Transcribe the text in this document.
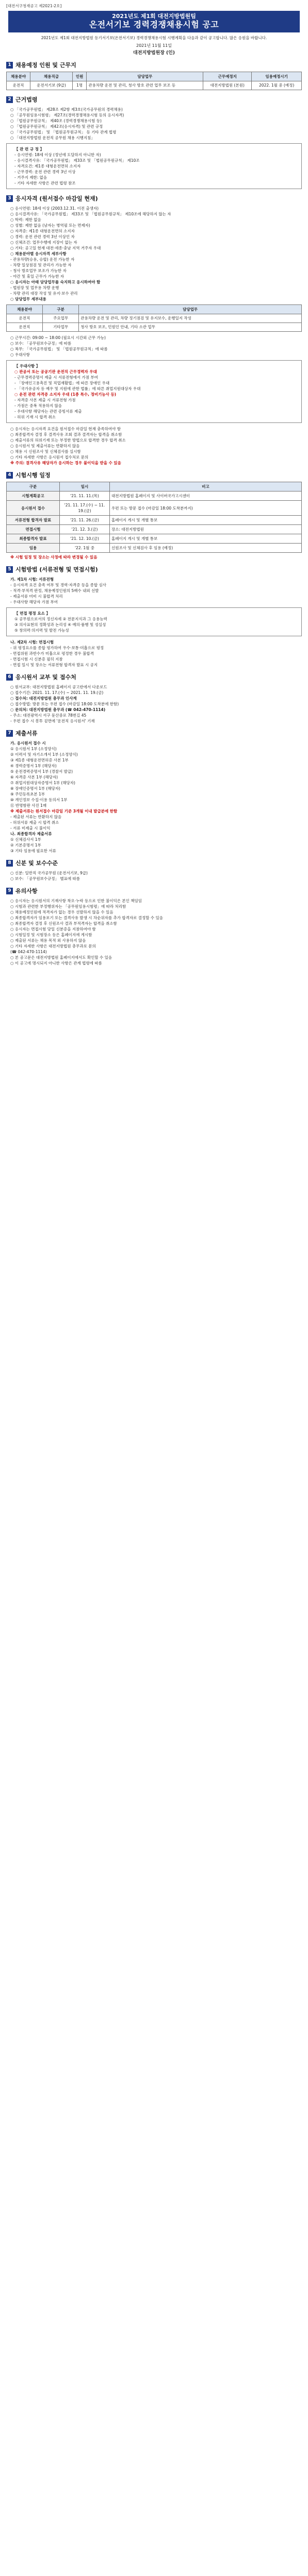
[대전서구청재공고 제2021-2호]
2021년도 제1회 대전지방법원팀
온전서기보 경력경쟁채용시험 공고
2021년도 제1회 대전지방법원 등기서기보(온전서기보) 경력경쟁채용시험 시행계획을 다음과 같이 공고합니다. 많은 응원을 바랍니다.
2021년 11월 11일
대전지방법원장 (인)
1 채용예정 인원 및 근무지
채용분야	채용직급	인원	담당업무	근무예정지	임용예정시기
운전직	운전서기보 (9급)	1명	관용차량 운전 및 관리, 청사 방호 관련 업무 보조 등	대전지방법원 (본원)	2022. 1월 중 (예정)
2 근거법령
○ 「국가공무원법」 제28조 제2항 제3호(국가공무원의 경력채용)
○ 「공무원임용시험령」 제27조(경력경쟁채용시험 등의 응시자격)
○ 「법원공무원규칙」 제40조 (경력경쟁채용시험 등)
○ 「법원공무원규칙」 제42조(응시자격) 및 관련 규정
○ 「국가공무원법」 및 「법원공무원규칙」 등 기타 관계 법령
○ 「대전지방법원 운전직 공무원 채용 시행지침」
【 관 련 규 정 】
- 응시연령: 18세 이상 (정년에 도달하지 아니한 자)
- 응시결격사유: 「국가공무원법」 제33조 및 「법원공무원규칙」 제10조
- 자격요건: 제1종 대형운전면허 소지자
- 근무경력: 운전 관련 경력 3년 이상
- 거주지 제한: 없음
- 기타 자세한 사항은 관련 법령 참조
3 응시자격 (원서접수 마감일 현재)
○ 응시연령: 18세 이상 (2003.12.31. 이전 출생자)
○ 응시결격사유: 「국가공무원법」 제33조 및 「법원공무원규칙」 제10조에 해당하지 않는 자
○ 학력: 제한 없음
○ 성별: 제한 없음 (남자는 병역필 또는 면제자)
○ 자격증: 제1종 대형운전면허 소지자
○ 경력: 운전 관련 경력 3년 이상인 자
○ 신체조건: 업무수행에 지장이 없는 자
○ 기타: 공고일 현재 대전·세종·충남 지역 거주자 우대
○ 채용분야별 응시자격 세부사항
- 관용차량(승용, 승합) 운전 가능한 자
- 차량 일상점검 및 관리가 가능한 자
- 청사 방호업무 보조가 가능한 자
- 야간 및 휴일 근무가 가능한 자
○ 응시자는 아래 담당업무를 숙지하고 응시하여야 함
- 법원장 및 업무용 차량 운행
- 차량 관리 대장 작성 및 유지·보수 관리
○ 담당업무 세부내용
채용분야	구분	담당업무
운전직	주요업무	관용차량 운전 및 관리, 차량 정기점검 및 유지보수, 운행일지 작성
운전직	기타업무	청사 방호 보조, 민원인 안내, 기타 소관 업무
○ 근무시간: 09:00 ~ 18:00 (필요시 시간외 근무 가능)
○ 보수: 「공무원보수규정」에 따름
○ 복무: 「국가공무원법」 및 「법원공무원규칙」에 따름
○ 우대사항
【 우대사항 】
○ 관공서 또는 공공기관 운전직 근무경력자 우대
- 근무경력증명서 제출 시 서류전형에서 가점 부여
- 「장애인고용촉진 및 직업재활법」에 따른 장애인 우대
- 「국가유공자 등 예우 및 지원에 관한 법률」에 따른 취업지원대상자 우대
○ 운전 관련 자격증 소지자 우대 (1종 특수, 정비기능사 등)
- 자격증 사본 제출 시 서류전형 가점
- 가점은 중복 적용하지 않음
- 우대사항 해당자는 관련 증빙서류 제출
- 허위 기재 시 합격 취소
○ 응시자는 응시자격 요건을 원서접수 마감일 현재 충족하여야 함
○ 최종합격자 결정 후 결격사유 조회 결과 결격자는 합격을 취소함
○ 제출서류의 허위기재 또는 부정한 방법으로 합격한 경우 합격 취소
○ 응시원서 및 제출서류는 반환하지 않음
○ 채용 시 신원조사 및 신체검사를 실시함
○ 기타 자세한 사항은 응시원서 접수처로 문의
※ 주의: 결격사유 해당자가 응시하는 경우 불이익을 받을 수 있음
4 시험시행 일정
구분	일시	비고
시험계획공고	'21. 11. 11.(목)	대전지방법원 홈페이지 및 사이버국가고시센터
응시원서 접수	'21. 11. 17.(수) ~ 11. 19.(금)	우편 또는 방문 접수 (마감일 18:00 도착분까지)
서류전형 합격자 발표	'21. 11. 26.(금)	홈페이지 게시 및 개별 통보
면접시험	'21. 12. 3.(금)	장소: 대전지방법원
최종합격자 발표	'21. 12. 10.(금)	홈페이지 게시 및 개별 통보
임용	'22. 1월 중	신원조사 및 신체검사 후 임용 (예정)
※ 시험 일정 및 장소는 사정에 따라 변경될 수 있음
5 시험방법 (서류전형 및 면접시험)
가. 제1차 시험: 서류전형
- 응시자격 요건 충족 여부 및 경력·자격증 등을 종합 심사
- 적격·부적격 판정, 채용예정인원의 5배수 내외 선발
- 제출서류 미비 시 불합격 처리
- 우대사항 해당자 가점 부여
【 면접 평정 요소 】
① 공무원으로서의 정신자세 ② 전문지식과 그 응용능력
③ 의사표현의 정확성과 논리성 ④ 예의·품행 및 성실성
⑤ 창의력·의지력 및 발전 가능성
나. 제2차 시험: 면접시험
- 위 평정요소를 종합 평가하여 우수·보통·미흡으로 평정
- 면접위원 과반수가 미흡으로 평정한 경우 불합격
- 면접시험 시 신분증 필히 지참
- 면접 일시 및 장소는 서류전형 합격자 발표 시 공지
6 응시원서 교부 및 접수처
○ 원서교부: 대전지방법원 홈페이지 공고란에서 다운로드
○ 접수기간: 2021. 11. 17.(수) ~ 2021. 11. 19.(금)
○ 접수처: 대전지방법원 총무과 인사계
○ 접수방법: 방문 또는 우편 접수 (마감일 18:00 도착분에 한함)
○ 문의처: 대전지방법원 총무과 (☎ 042-470-1114)
- 주소: 대전광역시 서구 둔산중로 78번길 45
- 우편 접수 시 봉투 겉면에 '운전직 응시원서' 기재
7 제출서류
가. 응시원서 접수 시
① 응시원서 1부 (소정양식)
② 이력서 및 자기소개서 1부 (소정양식)
③ 제1종 대형운전면허증 사본 1부
④ 경력증명서 1부 (해당자)
⑤ 운전경력증명서 1부 (경찰서 발급)
⑥ 자격증 사본 1부 (해당자)
⑦ 취업지원대상자증명서 1부 (해당자)
⑧ 장애인증명서 1부 (해당자)
⑨ 주민등록초본 1부
⑩ 개인정보 수집·이용 동의서 1부
⑪ 반명함판 사진 1매
※ 제출서류는 원서접수 마감일 기준 3개월 이내 발급분에 한함
- 제출된 서류는 반환하지 않음
- 허위서류 제출 시 합격 취소
- 서류 미제출 시 불이익
나. 최종합격자 제출서류
① 신체검사서 1부
② 기본증명서 1부
③ 기타 임용에 필요한 서류
8 신분 및 보수수준
○ 신분: 일반직 국가공무원 (운전서기보, 9급)
○ 보수: 「공무원보수규정」 별표에 따름
9 유의사항
○ 응시자는 응시원서의 기재사항 착오·누락 등으로 인한 불이익은 본인 책임임
○ 시험과 관련한 부정행위자는 「공무원임용시험령」에 따라 처리함
○ 채용예정인원에 적격자가 없는 경우 선발하지 않을 수 있음
○ 최종합격자가 임용포기 또는 결격사유 발생 시 차순위자를 추가 합격자로 결정할 수 있음
○ 최종합격자 결정 후 신원조사 결과 부적격자는 합격을 취소함
○ 응시자는 면접시험 당일 신분증을 지참하여야 함
○ 시험일정 및 시험장소 등은 홈페이지에 게시함
○ 제출된 서류는 채용 목적 외 사용하지 않음
○ 기타 자세한 사항은 대전지방법원 총무과로 문의
(☎ 042-470-1114)
○ 본 공고문은 대전지방법원 홈페이지에서도 확인할 수 있음
○ 이 공고에 명시되지 아니한 사항은 관계 법령에 따름
